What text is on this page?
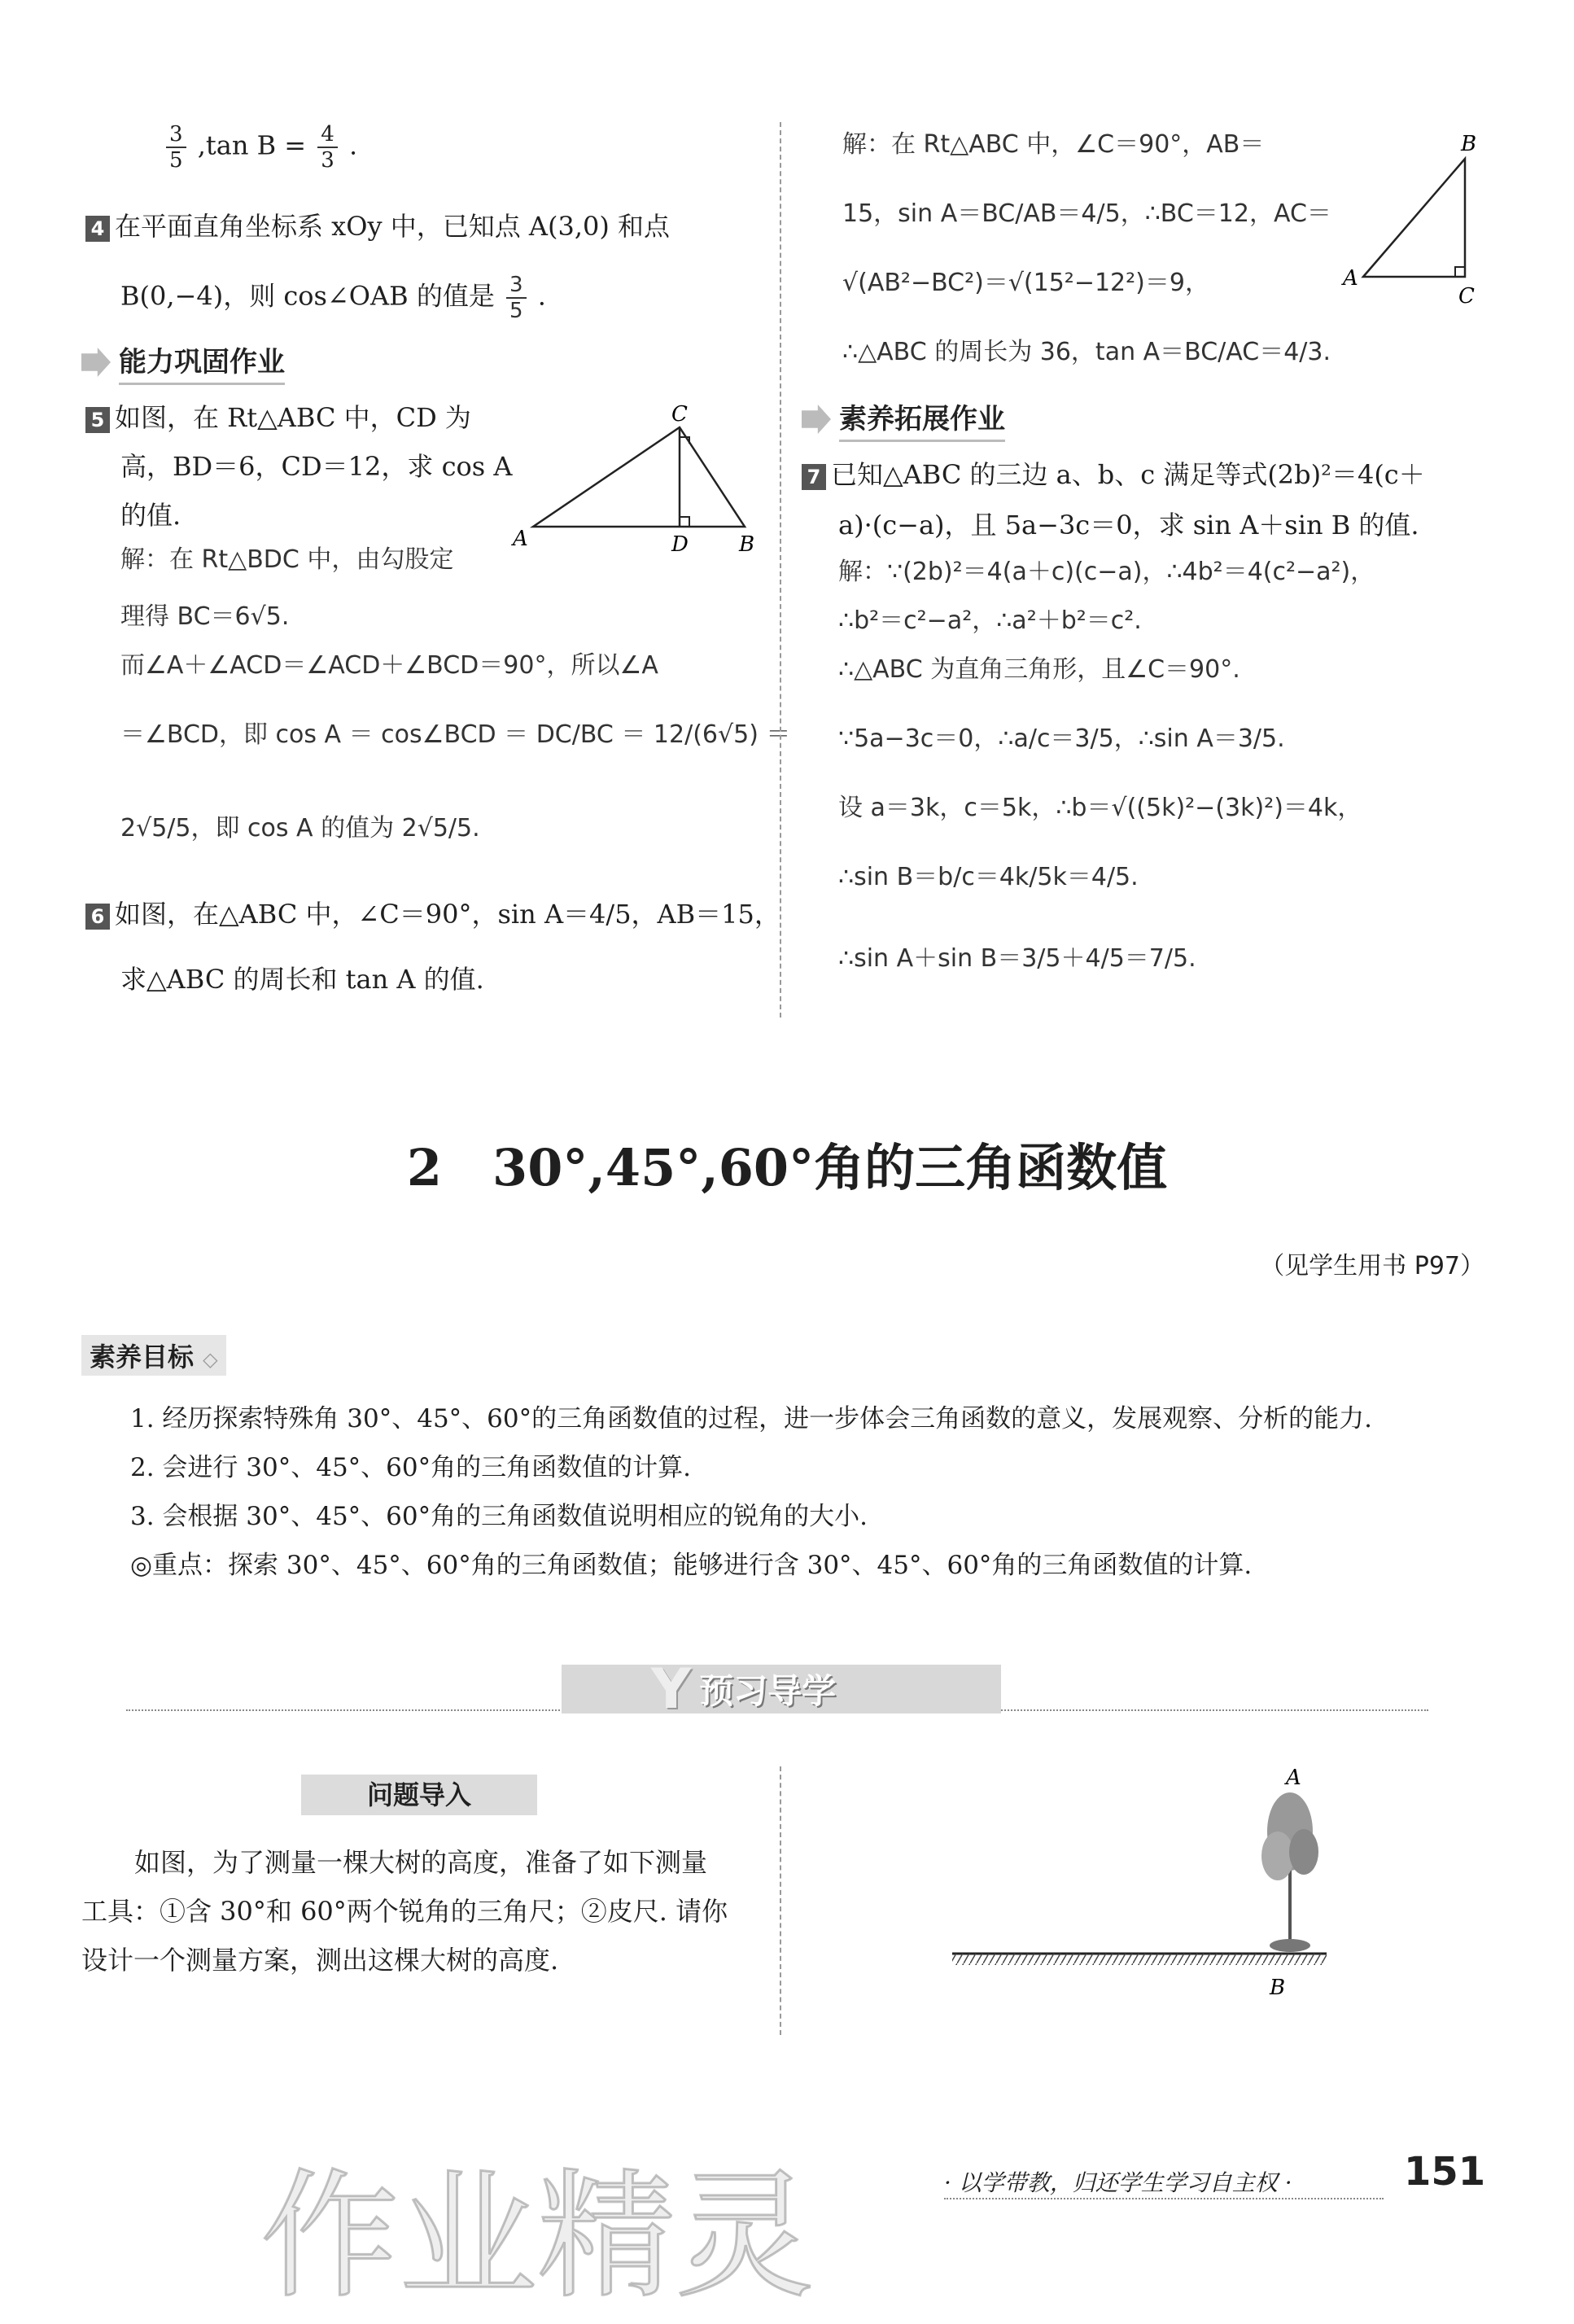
$\frac{3}{5} ,\tan$ $B = \frac{4}{3}$ .
4 在平面直角坐标系 xOy 中，已知点 A(3,0) 和点
B(0,−4)，则 cos∠OAB 的值是 $\frac{3}{5}$ .
能力巩固作业
5 如图，在 Rt△ABC 中，CD 为
高，BD＝6，CD＝12，求 cos A
的值.
解：在 Rt△BDC 中，由勾股定
理得 BC＝6√5.
而∠A＋∠ACD＝∠ACD＋∠BCD＝90°，所以∠A
＝∠BCD，即 cos A ＝ cos∠BCD ＝ DC/BC ＝ 12/(6√5) ＝
2√5/5，即 cos A 的值为 2√5/5.
A
C
D B
6 如图，在△ABC 中，∠C＝90°，sin A＝4/5，AB＝15，
求△ABC 的周长和 tan A 的值.
解：在 Rt△ABC 中，∠C＝90°，AB＝
15，sin A＝BC/AB＝4/5，∴BC＝12，AC＝
√(AB²−BC²)＝√(15²−12²)＝9，
∴△ABC 的周长为 36，tan A＝BC/AC＝4/3.
B
A
C
素养拓展作业
7 已知△ABC 的三边 a、b、c 满足等式(2b)²＝4(c＋
a)·(c−a)，且 5a−3c＝0，求 sin A＋sin B 的值.
解：∵(2b)²＝4(a＋c)(c−a)，∴4b²＝4(c²−a²)，
∴b²＝c²−a²，∴a²＋b²＝c².
∴△ABC 为直角三角形，且∠C＝90°.
∵5a−3c＝0，∴a/c＝3/5，∴sin A＝3/5.
设 a＝3k，c＝5k，∴b＝√((5k)²−(3k)²)＝4k，
∴sin B＝b/c＝4k/5k＝4/5.
∴sin A＋sin B＝3/5＋4/5＝7/5.
2　30°,45°,60°角的三角函数值
（见学生用书 P97）
素养目标 ◇
1. 经历探索特殊角 30°、45°、60°的三角函数值的过程，进一步体会三角函数的意义，发展观察、分析的能力.
2. 会进行 30°、45°、60°角的三角函数值的计算.
3. 会根据 30°、45°、60°角的三角函数值说明相应的锐角的大小.
◎重点：探索 30°、45°、60°角的三角函数值；能够进行含 30°、45°、60°角的三角函数值的计算.
Y 预习导学
问题导入
如图，为了测量一棵大树的高度，准备了如下测量
工具：①含 30°和 60°两个锐角的三角尺；②皮尺. 请你
设计一个测量方案，测出这棵大树的高度.
A
B
作业精灵	· 以学带教，归还学生学习自主权 ·	151
